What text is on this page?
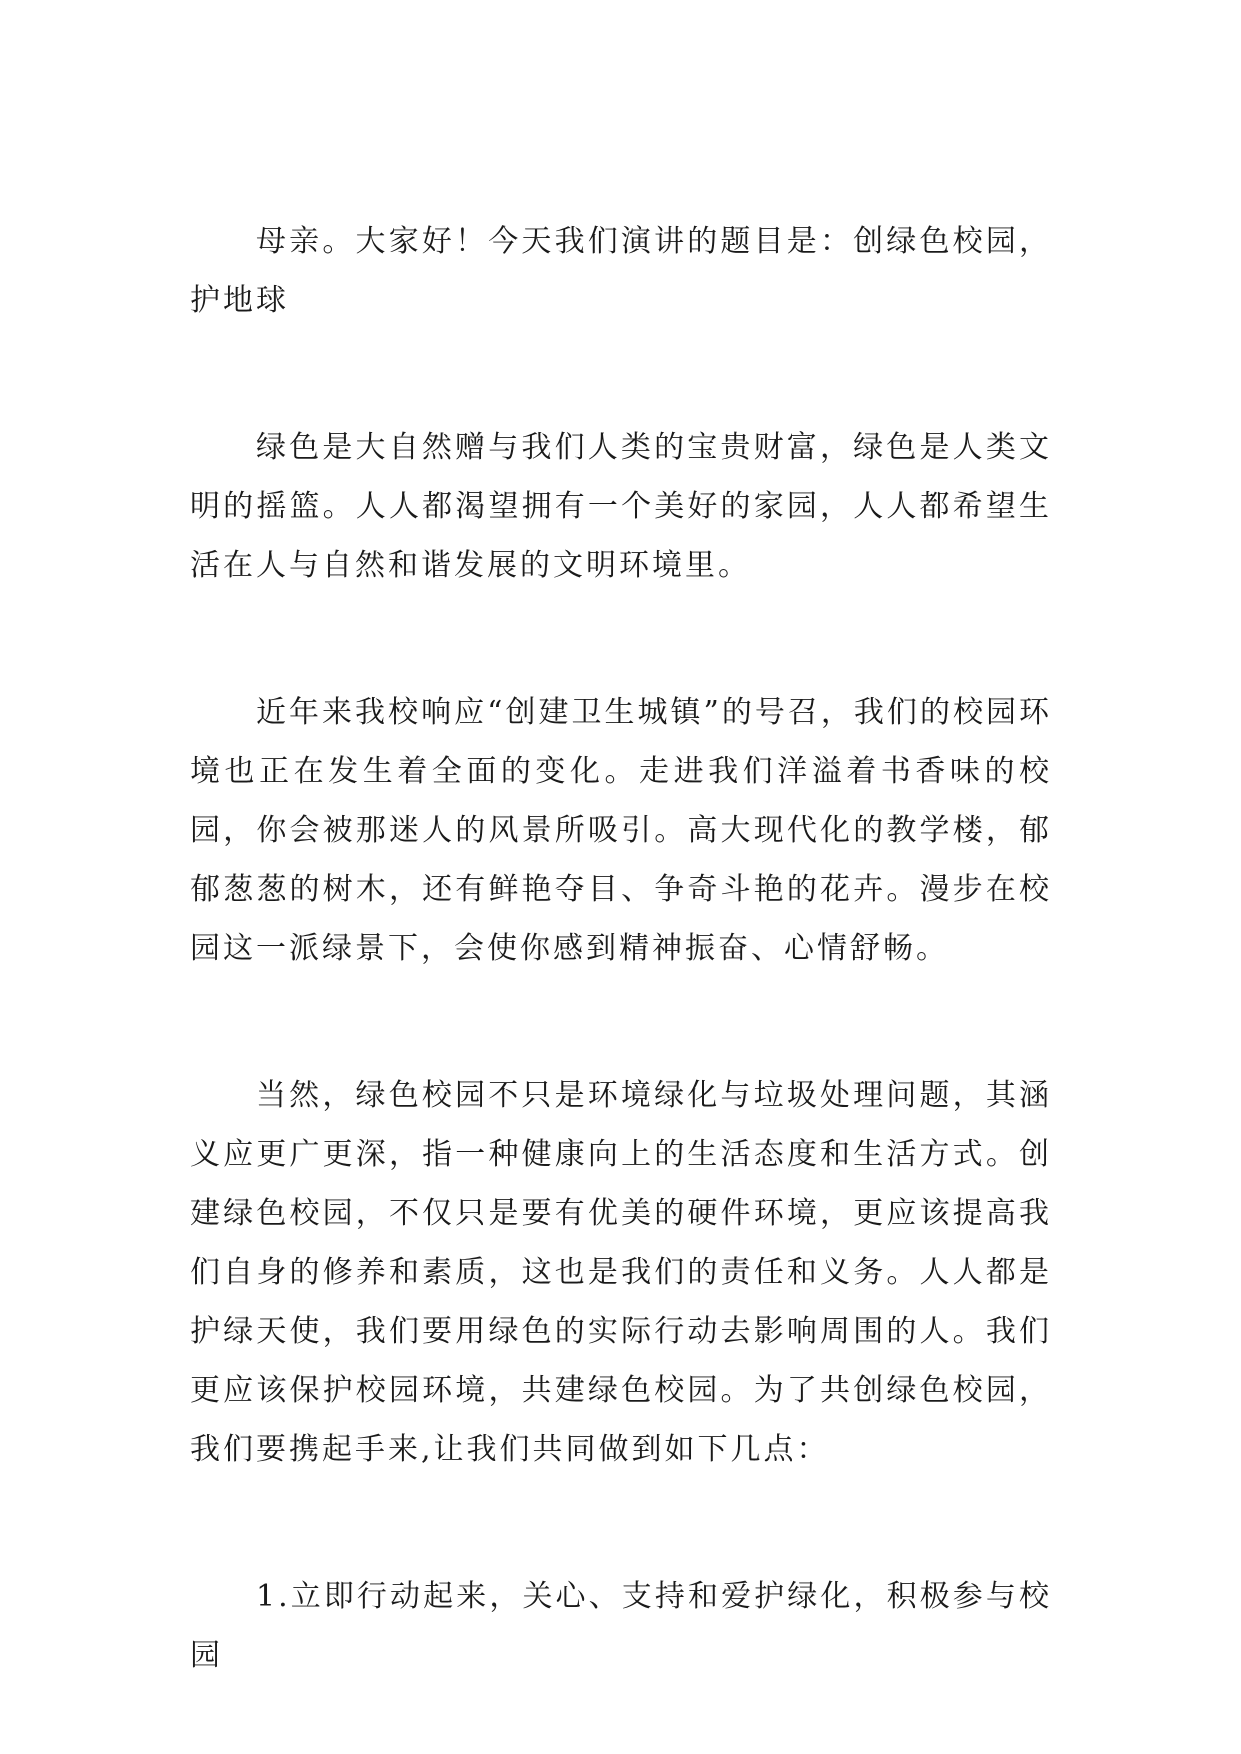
母亲。大家好！今天我们演讲的题目是：创绿色校园，护地球

绿色是大自然赠与我们人类的宝贵财富，绿色是人类文明的摇篮。人人都渴望拥有一个美好的家园，人人都希望生活在人与自然和谐发展的文明环境里。

近年来我校响应“创建卫生城镇”的号召，我们的校园环境也正在发生着全面的变化。走进我们洋溢着书香味的校园，你会被那迷人的风景所吸引。高大现代化的教学楼，郁郁葱葱的树木，还有鲜艳夺目、争奇斗艳的花卉。漫步在校园这一派绿景下，会使你感到精神振奋、心情舒畅。

当然，绿色校园不只是环境绿化与垃圾处理问题，其涵义应更广更深，指一种健康向上的生活态度和生活方式。创建绿色校园，不仅只是要有优美的硬件环境，更应该提高我们自身的修养和素质，这也是我们的责任和义务。人人都是护绿天使，我们要用绿色的实际行动去影响周围的人。我们更应该保护校园环境，共建绿色校园。为了共创绿色校园，我们要携起手来,让我们共同做到如下几点：

1.立即行动起来，关心、支持和爱护绿化，积极参与校园
